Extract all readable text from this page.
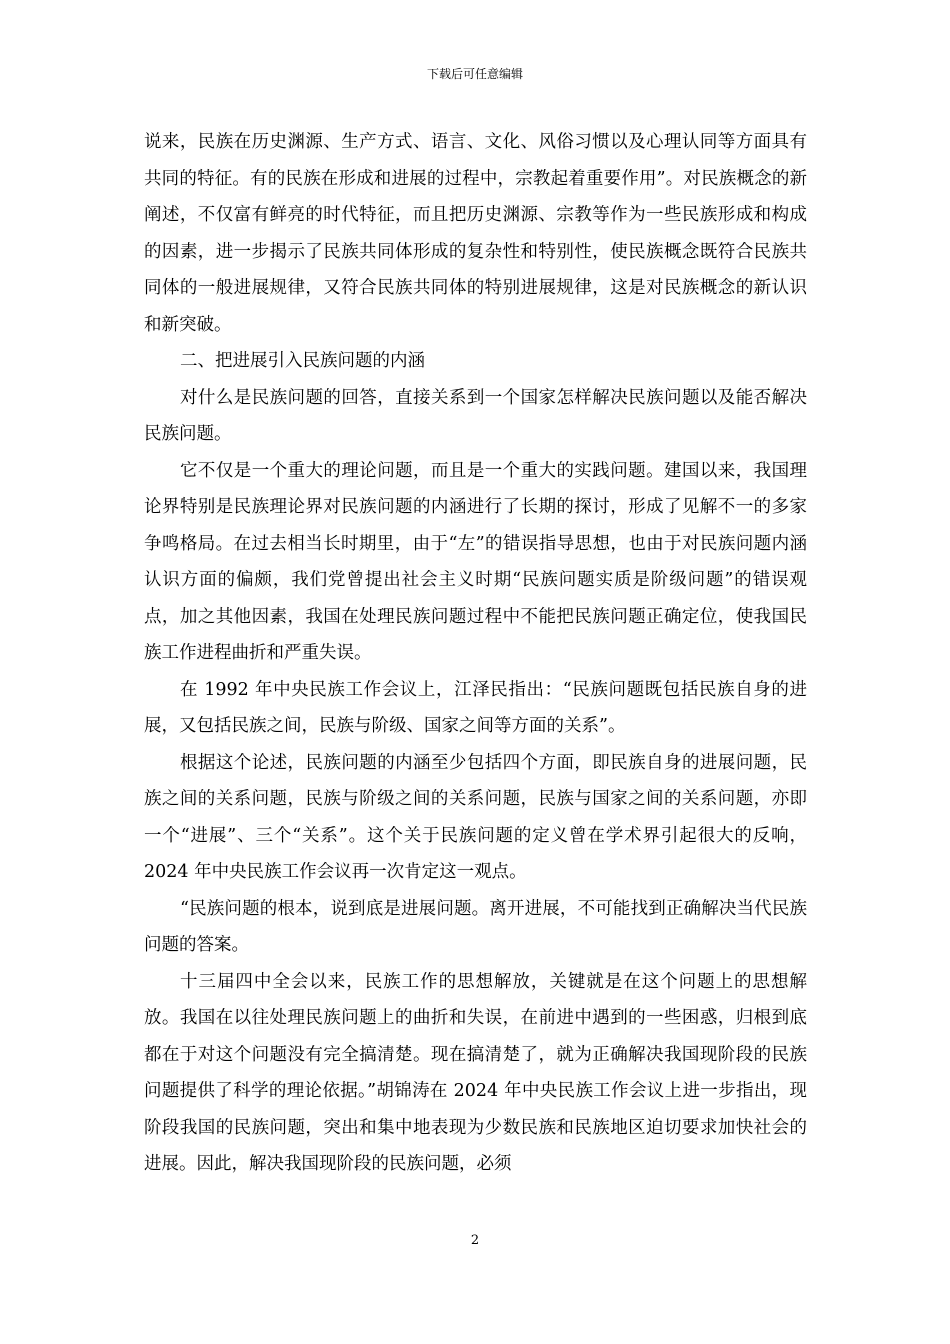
下载后可任意编辑

说来，民族在历史渊源、生产方式、语言、文化、风俗习惯以及心理认同等方面具有共同的特征。有的民族在形成和进展的过程中，宗教起着重要作用”。对民族概念的新阐述，不仅富有鲜亮的时代特征，而且把历史渊源、宗教等作为一些民族形成和构成的因素，进一步揭示了民族共同体形成的复杂性和特别性，使民族概念既符合民族共同体的一般进展规律，又符合民族共同体的特别进展规律，这是对民族概念的新认识和新突破。

二、把进展引入民族问题的内涵

对什么是民族问题的回答，直接关系到一个国家怎样解决民族问题以及能否解决民族问题。

它不仅是一个重大的理论问题，而且是一个重大的实践问题。建国以来，我国理论界特别是民族理论界对民族问题的内涵进行了长期的探讨，形成了见解不一的多家争鸣格局。在过去相当长时期里，由于“左”的错误指导思想，也由于对民族问题内涵认识方面的偏颇，我们党曾提出社会主义时期“民族问题实质是阶级问题”的错误观点，加之其他因素，我国在处理民族问题过程中不能把民族问题正确定位，使我国民族工作进程曲折和严重失误。

在 1992 年中央民族工作会议上，江泽民指出：“民族问题既包括民族自身的进展，又包括民族之间，民族与阶级、国家之间等方面的关系”。

根据这个论述，民族问题的内涵至少包括四个方面，即民族自身的进展问题，民族之间的关系问题，民族与阶级之间的关系问题，民族与国家之间的关系问题，亦即一个“进展”、三个“关系”。这个关于民族问题的定义曾在学术界引起很大的反响，2024 年中央民族工作会议再一次肯定这一观点。

“民族问题的根本，说到底是进展问题。离开进展，不可能找到正确解决当代民族问题的答案。

十三届四中全会以来，民族工作的思想解放，关键就是在这个问题上的思想解放。我国在以往处理民族问题上的曲折和失误，在前进中遇到的一些困惑，归根到底都在于对这个问题没有完全搞清楚。现在搞清楚了，就为正确解决我国现阶段的民族问题提供了科学的理论依据。”胡锦涛在 2024 年中央民族工作会议上进一步指出，现阶段我国的民族问题，突出和集中地表现为少数民族和民族地区迫切要求加快社会的进展。因此，解决我国现阶段的民族问题，必须

2
